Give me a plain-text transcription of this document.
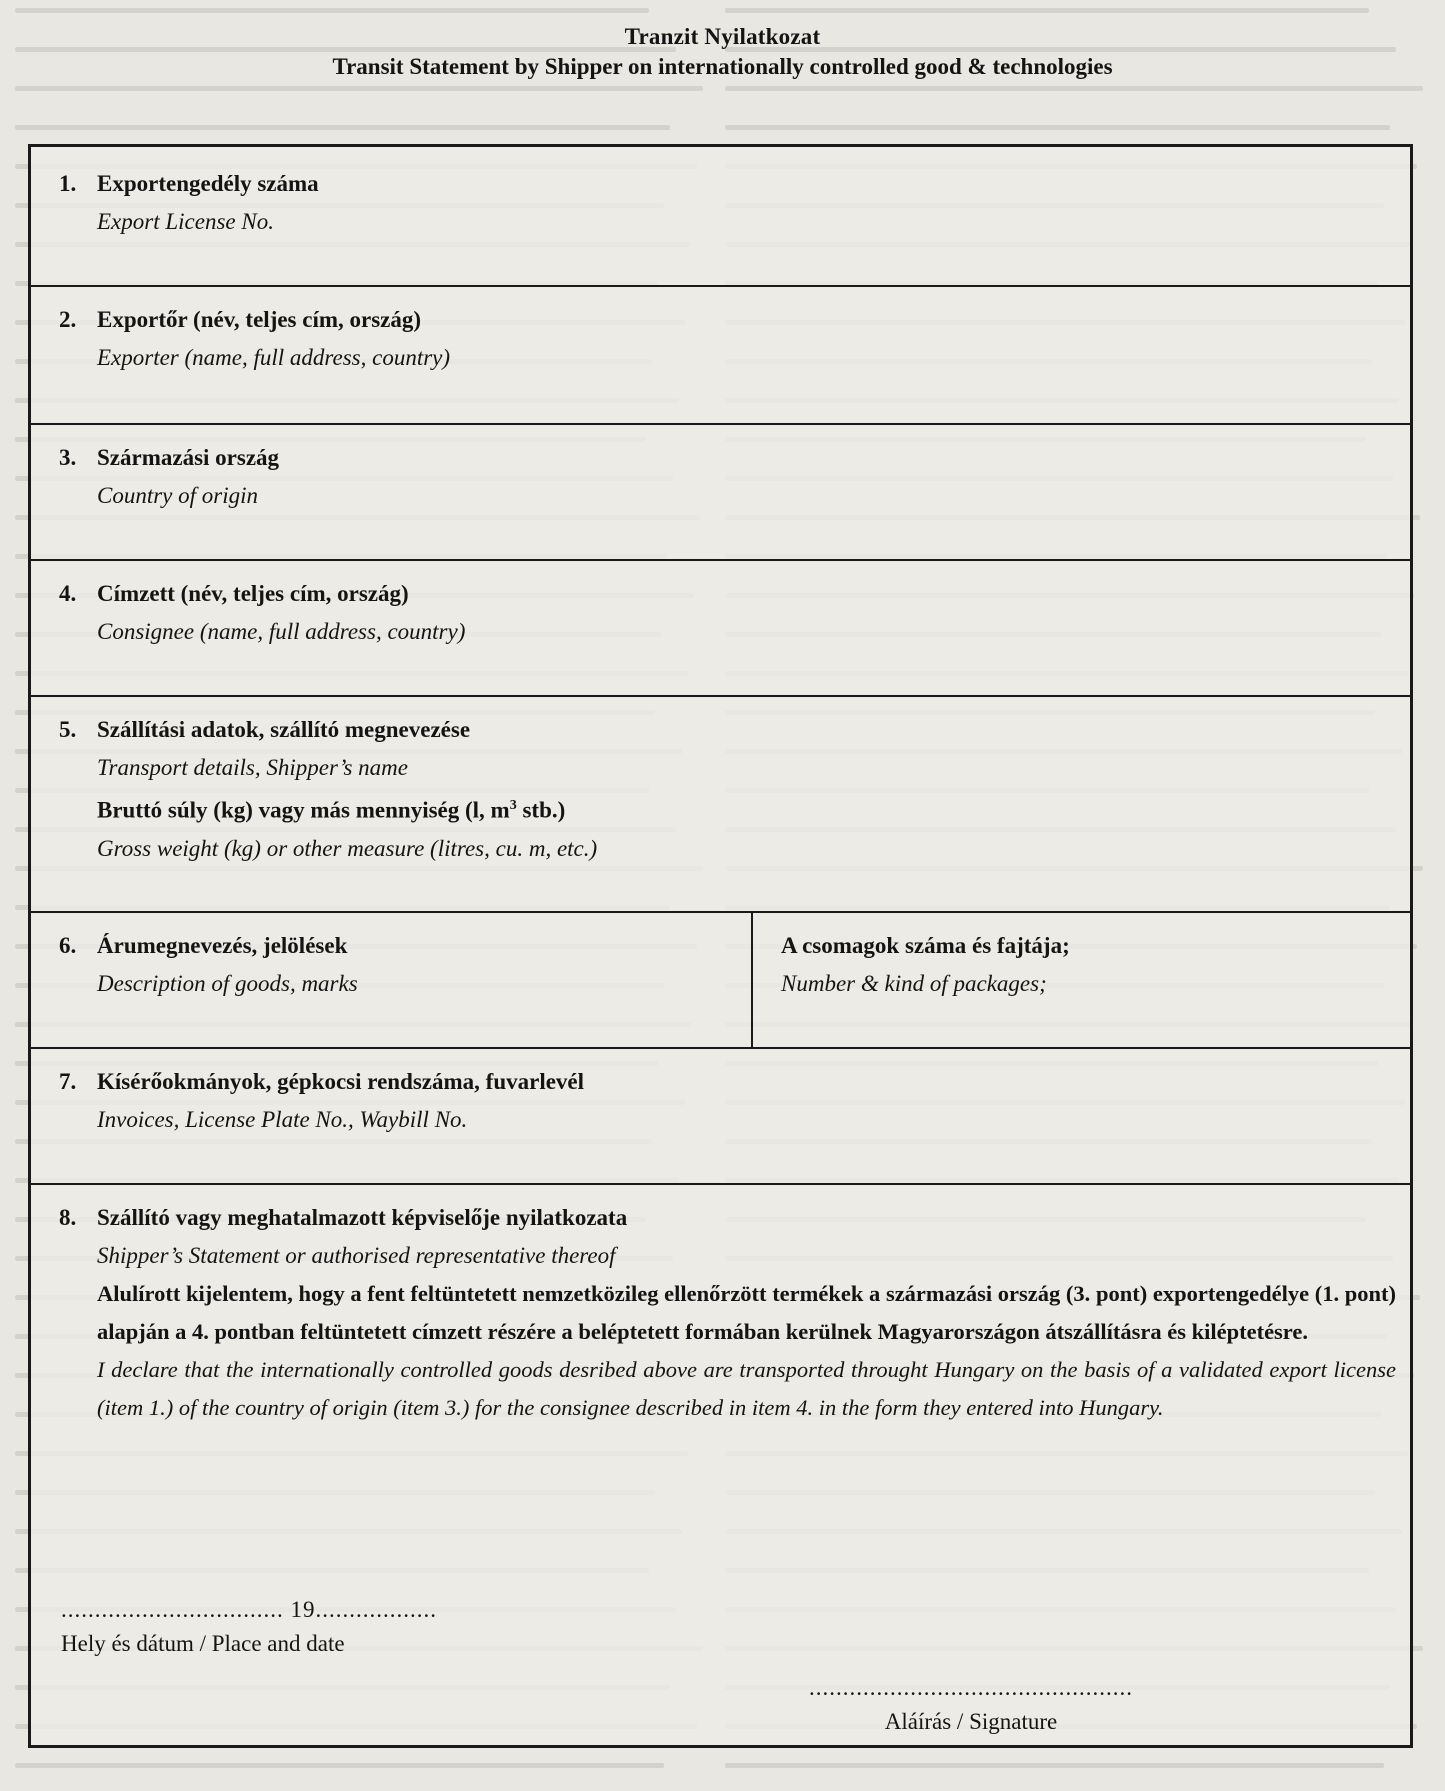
Tranzit Nyilatkozat
Transit Statement by Shipper on internationally controlled good & technologies
1. Exportengedély száma
Export License No.
2. Exportőr (név, teljes cím, ország)
Exporter (name, full address, country)
3. Származási ország
Country of origin
4. Címzett (név, teljes cím, ország)
Consignee (name, full address, country)
5. Szállítási adatok, szállító megnevezése
Transport details, Shipper’s name
Bruttó súly (kg) vagy más mennyiség (l, $m^3$ stb.)
Gross weight (kg) or other measure (litres, cu. m, etc.)
6. Árumegnevezés, jelölések
Description of goods, marks
A csomagok száma és fajtája;
Number & kind of packages;
7. Kísérőokmányok, gépkocsi rendszáma, fuvarlevél
Invoices, License Plate No., Waybill No.
8. Szállító vagy meghatalmazott képviselője nyilatkozata
Shipper’s Statement or authorised representative thereof
Alulírott kijelentem, hogy a fent feltüntetett nemzetközileg ellenőrzött termékek a származási ország (3. pont) exportengedélye (1. pont) alapján a 4. pontban feltüntetett címzett részére a beléptetett formában kerülnek Magyarországon átszállításra és kiléptetésre.
I declare that the internationally controlled goods desribed above are transported throught Hungary on the basis of a validated export license (item 1.) of the country of origin (item 3.) for the consignee described in item 4. in the form they entered into Hungary.
................................. 19..................
Hely és dátum / Place and date
................................................
Aláírás / Signature
